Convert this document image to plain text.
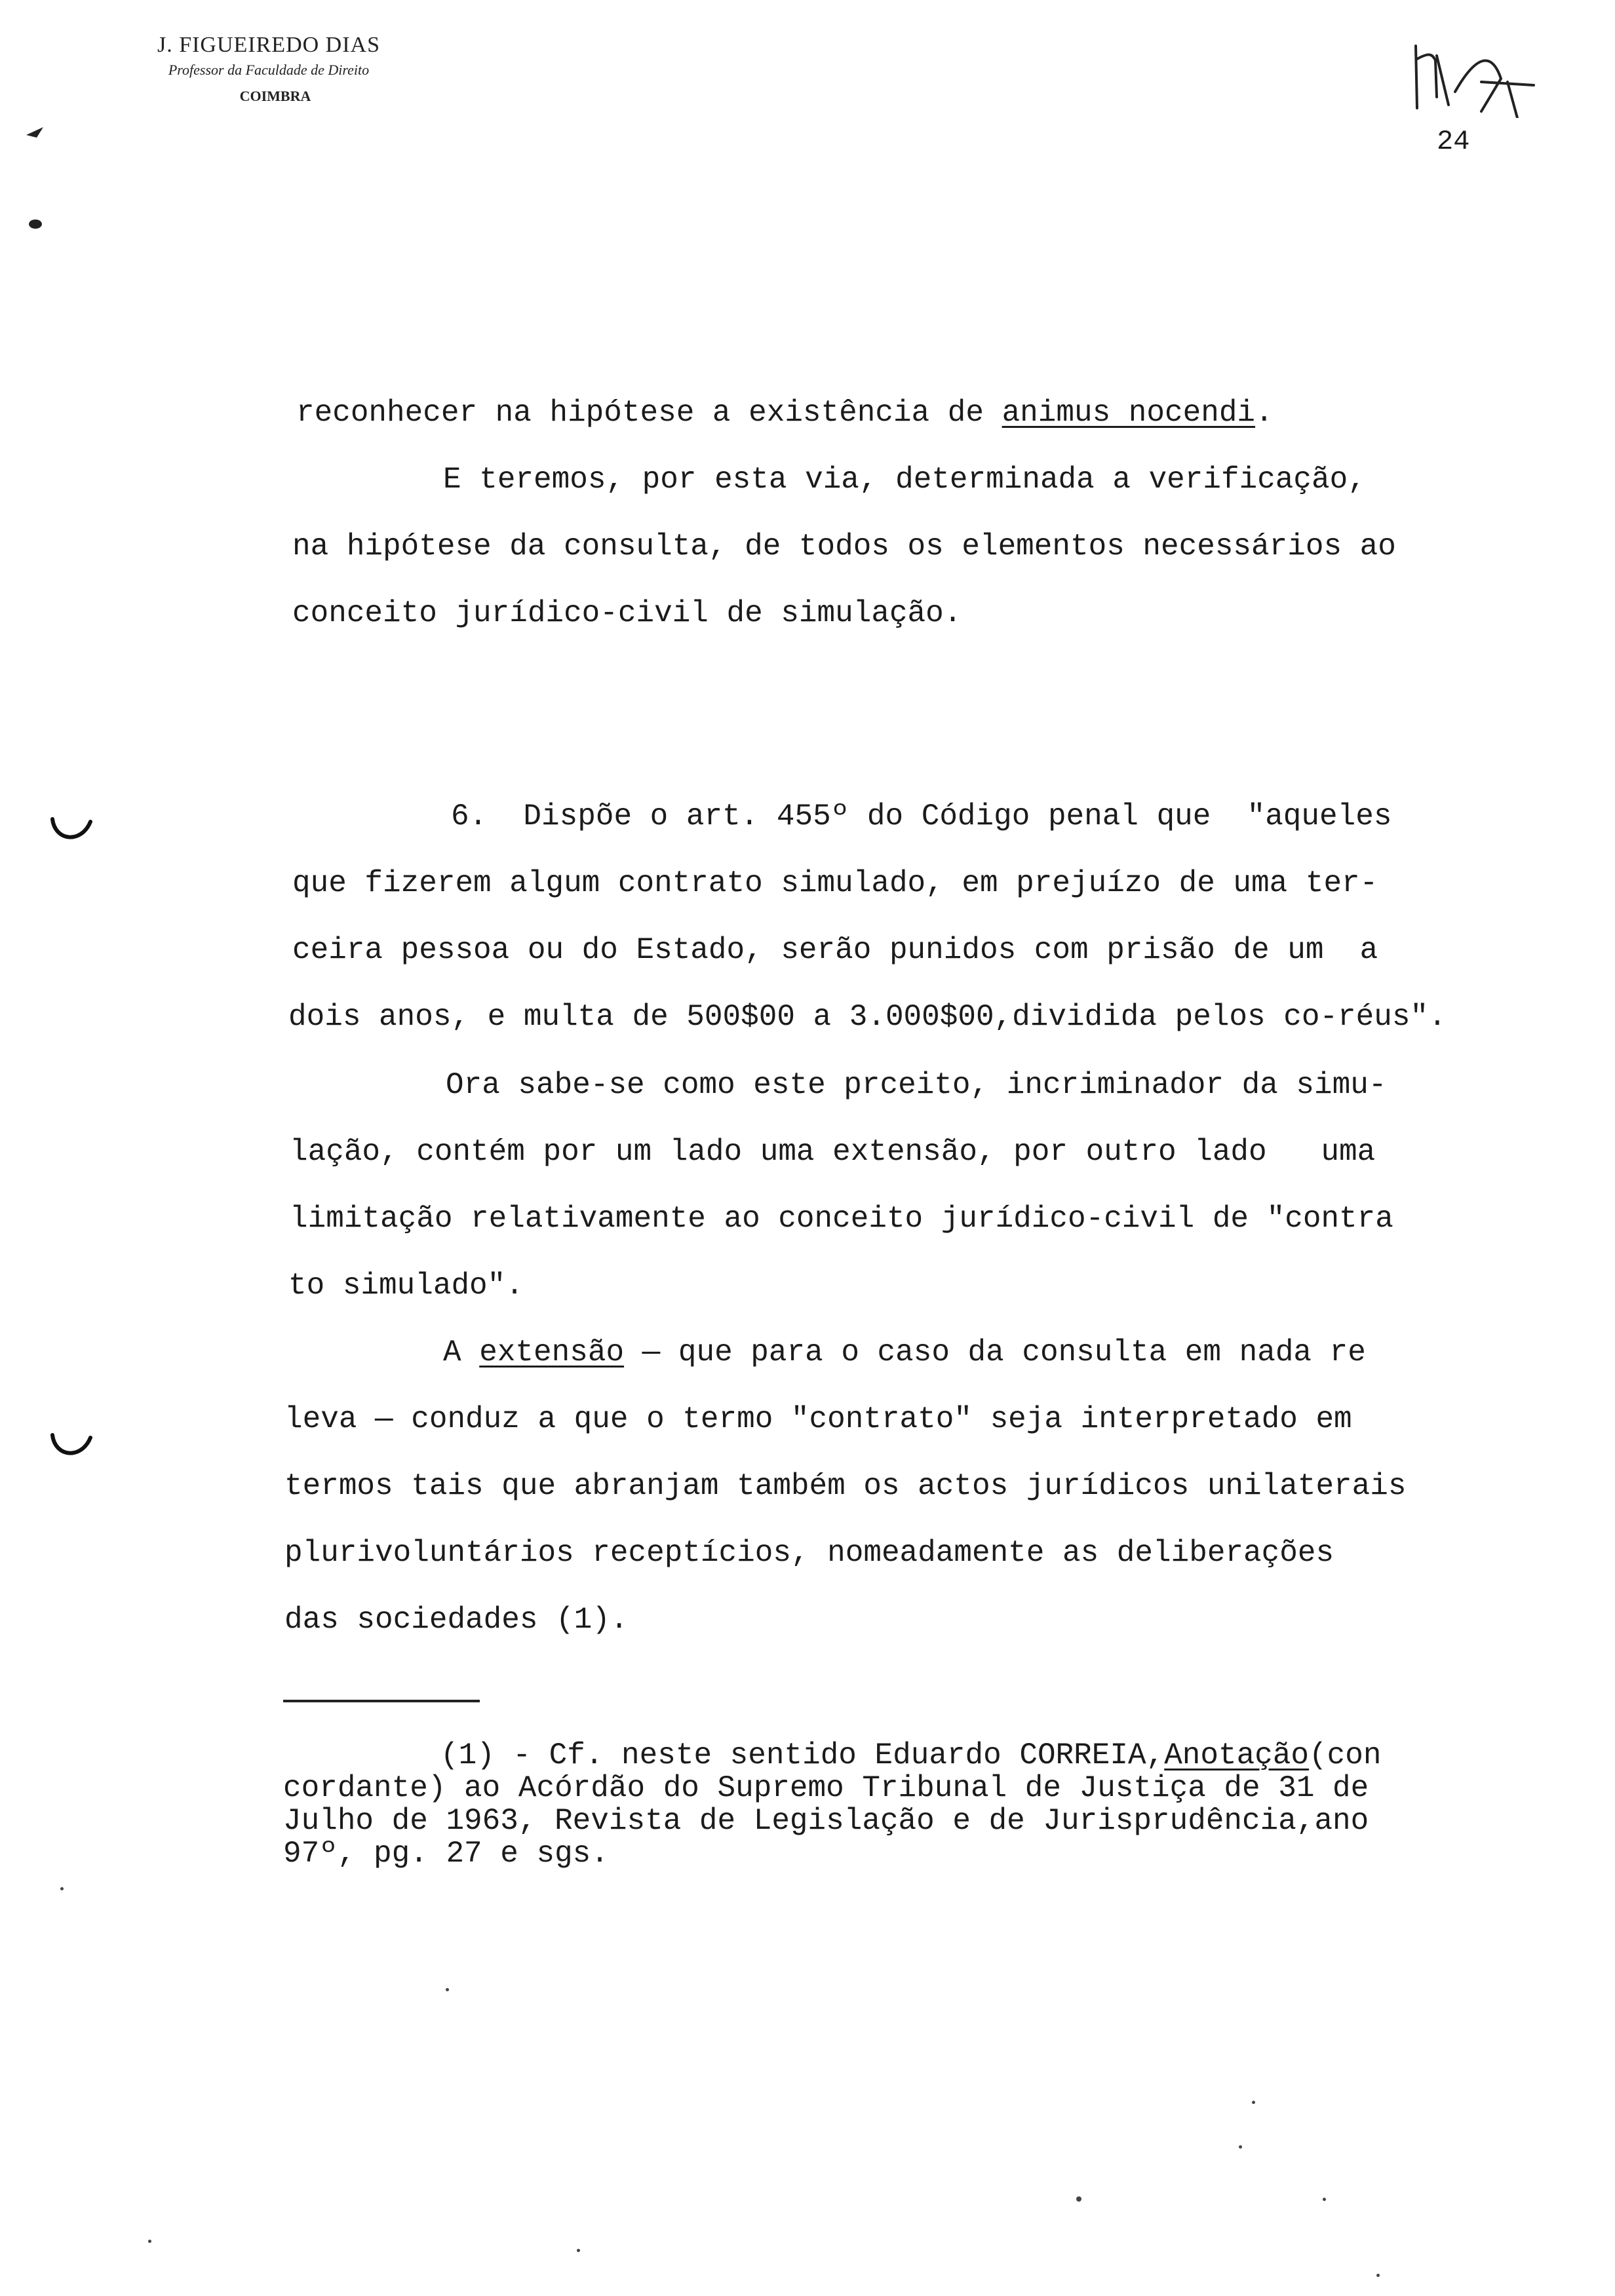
J. FIGUEIREDO DIAS
Professor da Faculdade de Direito
COIMBRA
24
reconhecer na hipótese a existência de animus nocendi.
E teremos, por esta via, determinada a verificação,
na hipótese da consulta, de todos os elementos necessários ao
conceito jurídico-civil de simulação.
6.  Dispõe o art. 455º do Código penal que  "aqueles
que fizerem algum contrato simulado, em prejuízo de uma ter-
ceira pessoa ou do Estado, serão punidos com prisão de um  a
dois anos, e multa de 500$00 a 3.000$00,dividida pelos co-réus".
Ora sabe-se como este prceito, incriminador da simu-
lação, contém por um lado uma extensão, por outro lado   uma
limitação relativamente ao conceito jurídico-civil de "contra
to simulado".
A extensão — que para o caso da consulta em nada re
leva — conduz a que o termo "contrato" seja interpretado em
termos tais que abranjam também os actos jurídicos unilaterais
plurivoluntários receptícios, nomeadamente as deliberações
das sociedades (1).
(1) - Cf. neste sentido Eduardo CORREIA,Anotação(con
cordante) ao Acórdão do Supremo Tribunal de Justiça de 31 de
Julho de 1963, Revista de Legislação e de Jurisprudência,ano
97º, pg. 27 e sgs.
